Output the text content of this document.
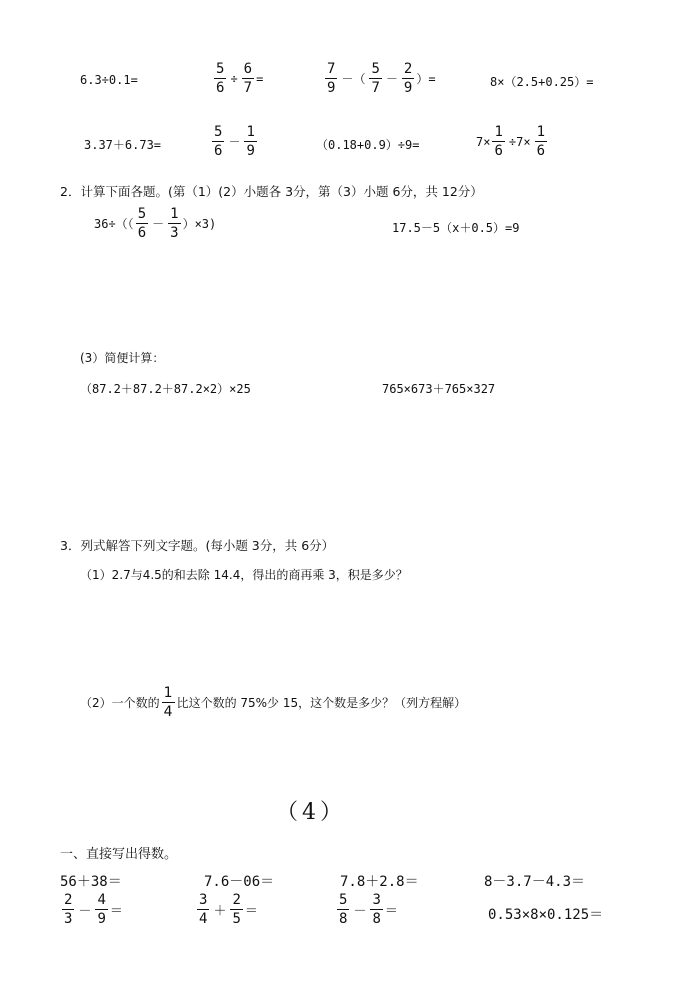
6.3÷0.1=	$\frac{5}{6} \div \frac{6}{7}$ =	$\frac{7}{9}$ －（ $\frac{5}{7} - \frac{2}{9}$ ）=	8×（2.5+0.25）=
3.37＋6.73=	$\frac{5}{6} - \frac{1}{9}$	（0.18+0.9）÷9=	$7\times \frac{1}{6} \div 7\times \frac{1}{6}$
2．计算下面各题。(第（1）(2）小题各 3分，第（3）小题 6分，共 12分）
$36\div(( \frac{5}{6} - \frac{1}{3} )\times 3)$	17.5－5（x＋0.5）=9
(3）简便计算：
（87.2＋87.2＋87.2×2）×25	765×673＋765×327
3．列式解答下列文字题。(每小题 3分，共 6分）
（1）2.7与4.5的和去除 14.4，得出的商再乘 3，积是多少？
（2）一个数的 $\frac{1}{4}$ 比这个数的 75%少 15，这个数是多少？（列方程解）
（4）
一、直接写出得数。
56＋38＝	7.6－06＝	7.8＋2.8＝	8－3.7－4.3＝
$\frac{2}{3} - \frac{4}{9}$ ＝	$\frac{3}{4} + \frac{2}{5}$ ＝	$\frac{5}{8} - \frac{3}{8}$ ＝	0.53×8×0.125＝
